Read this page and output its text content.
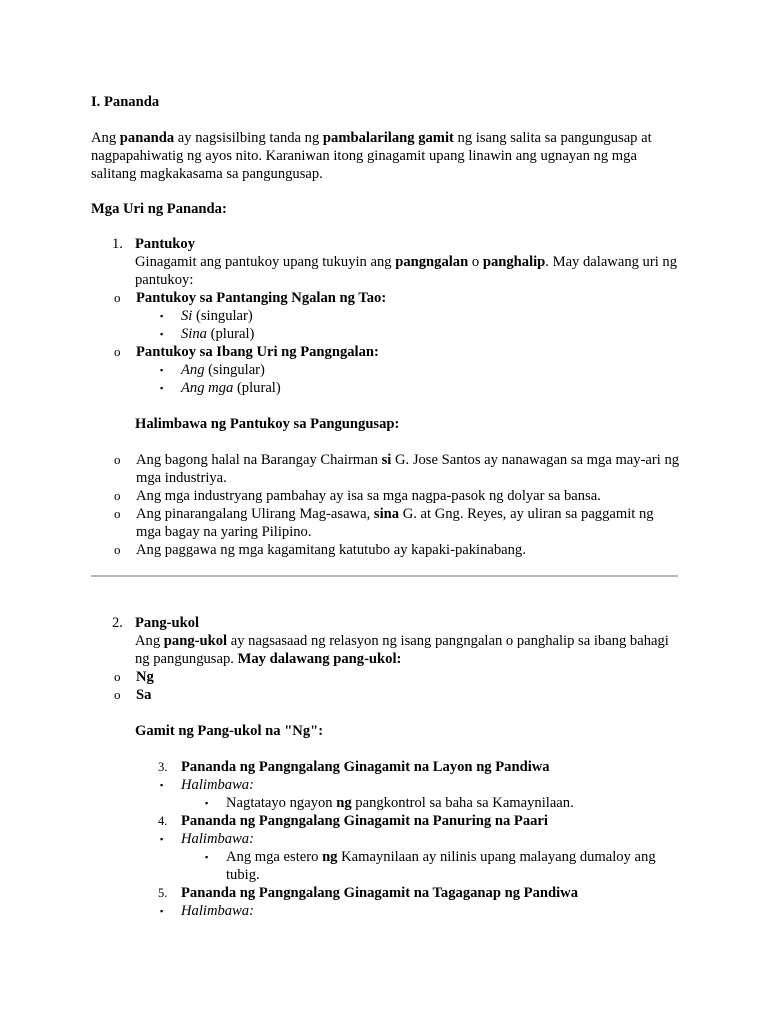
I. Pananda

Ang pananda ay nagsisilbing tanda ng pambalarilang gamit ng isang salita sa pangungusap at nagpapahiwatig ng ayos nito. Karaniwan itong ginagamit upang linawin ang ugnayan ng mga salitang magkakasama sa pangungusap.

Mga Uri ng Pananda:

1. Pantukoy

Ginagamit ang pantukoy upang tukuyin ang pangngalan o panghalip. May dalawang uri ng pantukoy:

o Pantukoy sa Pantanging Ngalan ng Tao:
▪ Si (singular)
▪ Sina (plural)
o Pantukoy sa Ibang Uri ng Pangngalan:
▪ Ang (singular)
▪ Ang mga (plural)

Halimbawa ng Pantukoy sa Pangungusap:

o Ang bagong halal na Barangay Chairman si G. Jose Santos ay nanawagan sa mga may-ari ng mga industriya.
o Ang mga industryang pambahay ay isa sa mga nagpa-pasok ng dolyar sa bansa.
o Ang pinarangalang Ulirang Mag-asawa, sina G. at Gng. Reyes, ay uliran sa paggamit ng mga bagay na yaring Pilipino.
o Ang paggawa ng mga kagamitang katutubo ay kapaki-pakinabang.
2. Pang-ukol

Ang pang-ukol ay nagsasaad ng relasyon ng isang pangngalan o panghalip sa ibang bahagi ng pangungusap. May dalawang pang-ukol:

o Ng
o Sa

Gamit ng Pang-ukol na "Ng":

3. Pananda ng Pangngalang Ginagamit na Layon ng Pandiwa
▪ Halimbawa:
▪ Nagtatayo ngayon ng pangkontrol sa baha sa Kamaynilaan.
4. Pananda ng Pangngalang Ginagamit na Panuring na Paari
▪ Halimbawa:
▪ Ang mga estero ng Kamaynilaan ay nilinis upang malayang dumaloy ang tubig.
5. Pananda ng Pangngalang Ginagamit na Tagaganap ng Pandiwa
▪ Halimbawa:
